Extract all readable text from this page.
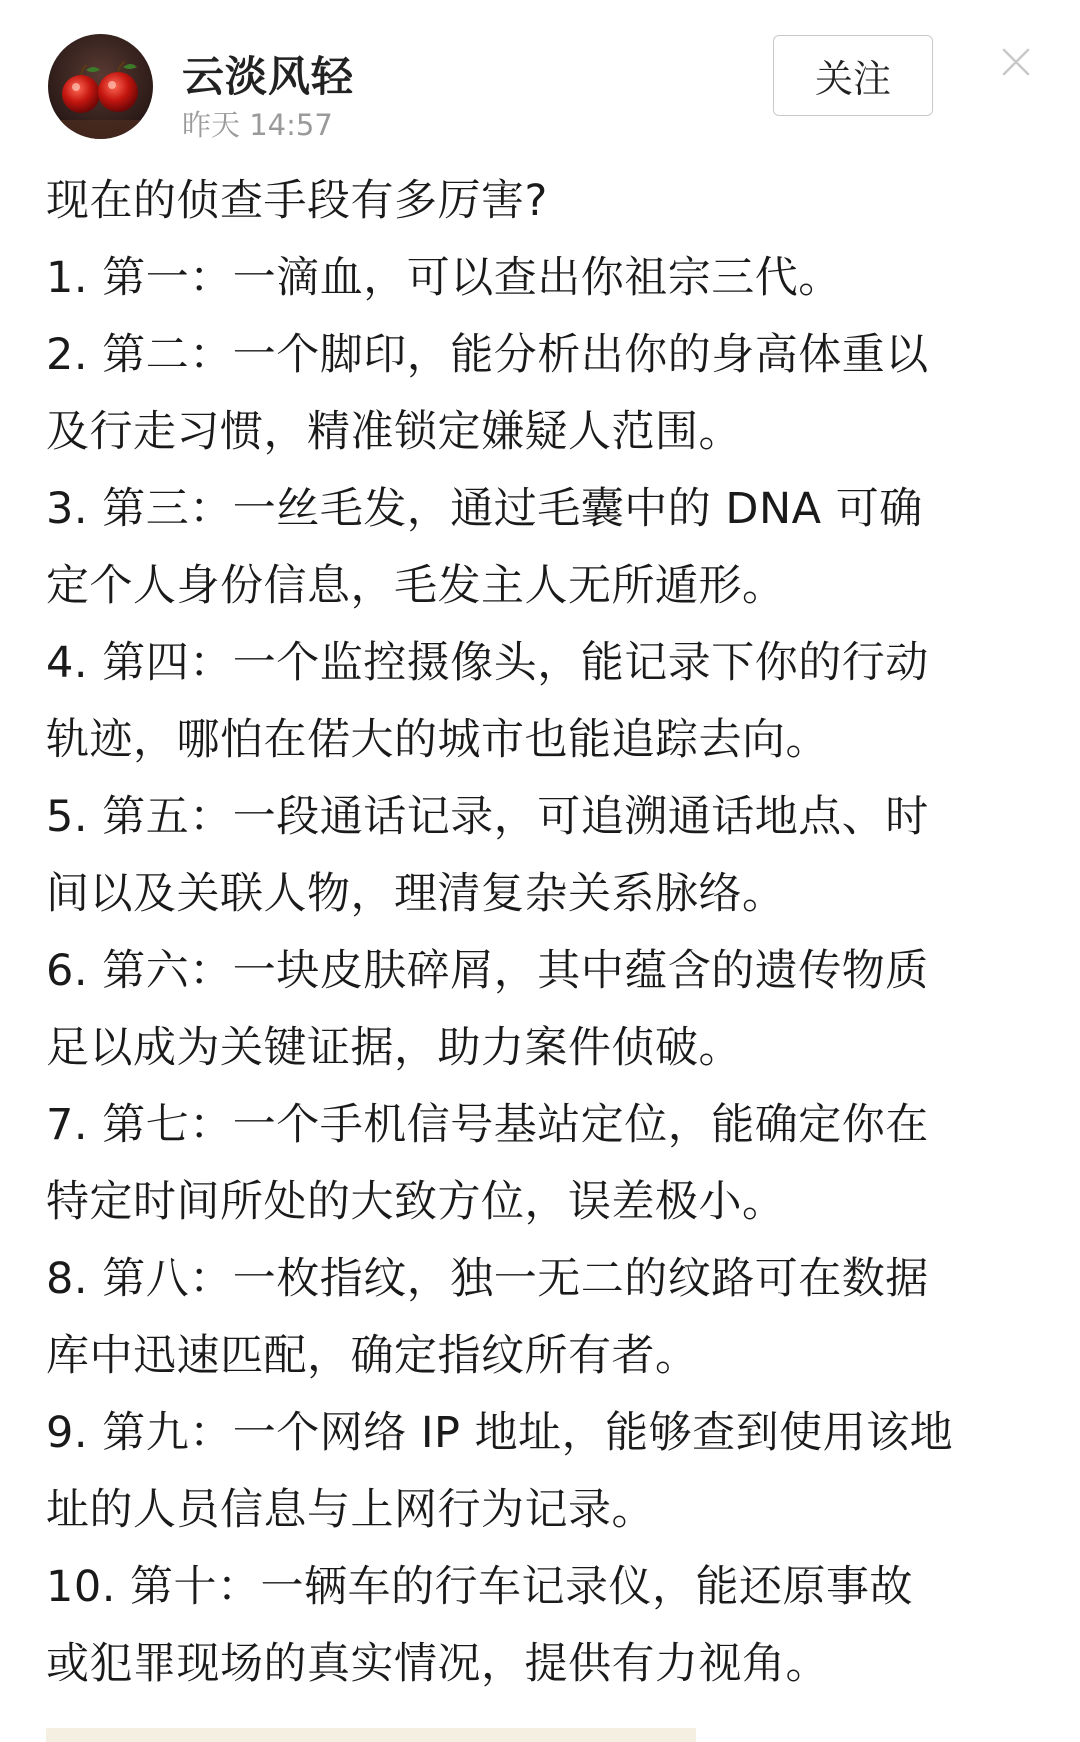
云淡风轻
昨天 14:57
关注
现在的侦查手段有多厉害?
1. 第一：一滴血，可以查出你祖宗三代。
2. 第二：一个脚印，能分析出你的身高体重以
及行走习惯，精准锁定嫌疑人范围。
3. 第三：一丝毛发，通过毛囊中的 DNA 可确
定个人身份信息，毛发主人无所遁形。
4. 第四：一个监控摄像头，能记录下你的行动
轨迹，哪怕在偌大的城市也能追踪去向。
5. 第五：一段通话记录，可追溯通话地点、时
间以及关联人物，理清复杂关系脉络。
6. 第六：一块皮肤碎屑，其中蕴含的遗传物质
足以成为关键证据，助力案件侦破。
7. 第七：一个手机信号基站定位，能确定你在
特定时间所处的大致方位，误差极小。
8. 第八：一枚指纹，独一无二的纹路可在数据
库中迅速匹配，确定指纹所有者。
9. 第九：一个网络 IP 地址，能够查到使用该地
址的人员信息与上网行为记录。
10. 第十：一辆车的行车记录仪，能还原事故
或犯罪现场的真实情况，提供有力视角。
